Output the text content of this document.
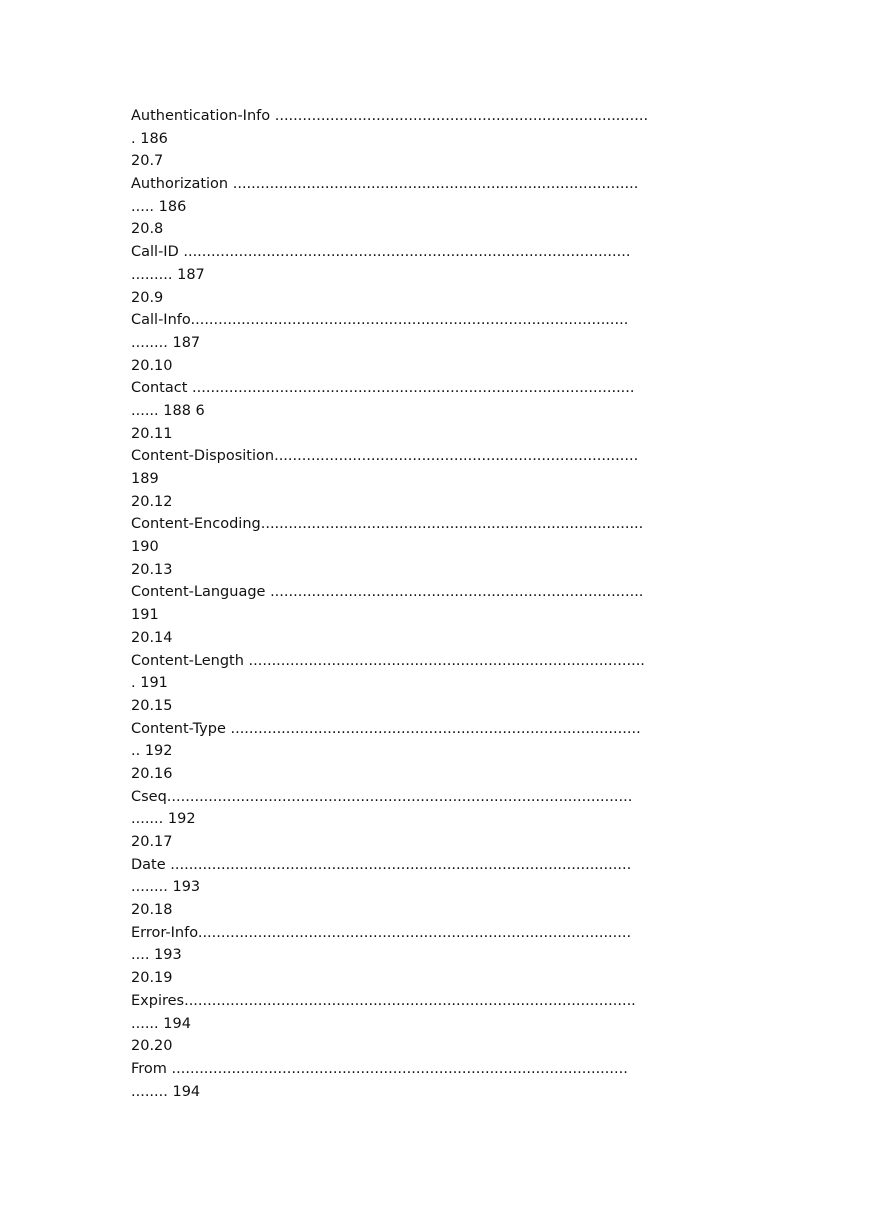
Authentication-Info .................................................................................
. 186
20.7
Authorization ........................................................................................
..... 186
20.8
Call-ID .................................................................................................
......... 187
20.9
Call-Info...............................................................................................
........ 187
20.10
Contact ................................................................................................
...... 188 6
20.11
Content-Disposition...............................................................................
189
20.12
Content-Encoding...................................................................................
190
20.13
Content-Language .................................................................................
191
20.14
Content-Length ......................................................................................
. 191
20.15
Content-Type .........................................................................................
.. 192
20.16
Cseq.....................................................................................................
....... 192
20.17
Date ....................................................................................................
........ 193
20.18
Error-Info..............................................................................................
.... 193
20.19
Expires..................................................................................................
...... 194
20.20
From ...................................................................................................
........ 194
